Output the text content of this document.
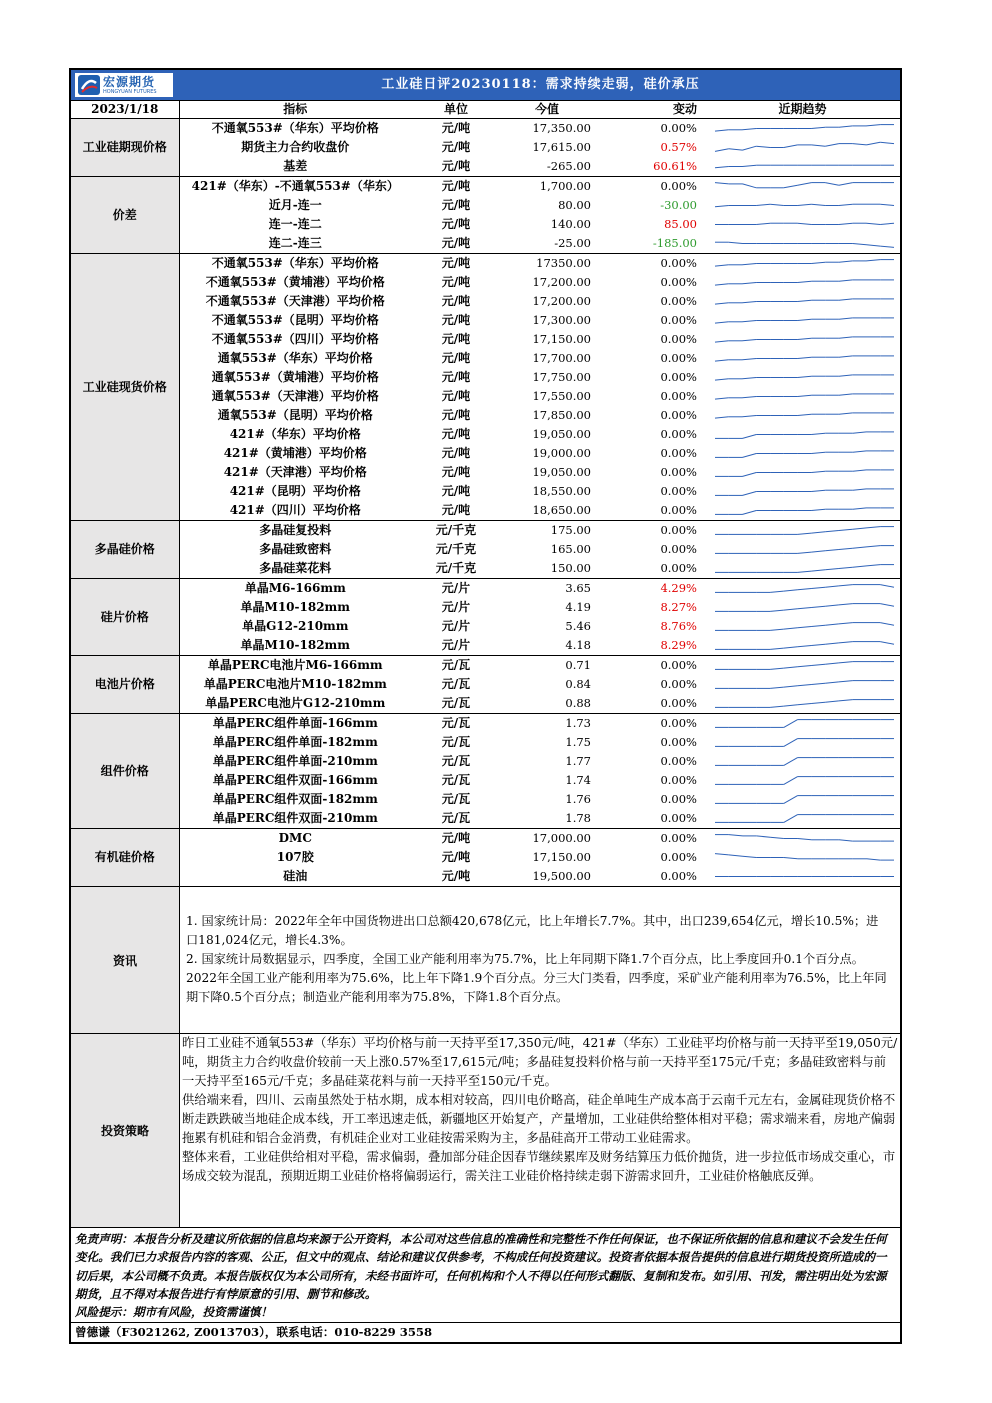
宏源期货
HONGYUAN FUTURES	工业硅日评20230118：需求持续走弱，硅价承压
2023/1/18	指标	单位	今值	变动	近期趋势
工业硅期现价格	不通氧553#（华东）平均价格	元/吨	17,350.00	0.00%	

	期货主力合约收盘价	元/吨	17,615.00	0.57%	

	基差	元/吨	-265.00	60.61%	

价差	421#（华东）-不通氧553#（华东）	元/吨	1,700.00	0.00%	

	近月-连一	元/吨	80.00	-30.00	

	连一-连二	元/吨	140.00	85.00	

	连二-连三	元/吨	-25.00	-185.00	

工业硅现货价格	不通氧553#（华东）平均价格	元/吨	17350.00	0.00%	

	不通氧553#（黄埔港）平均价格	元/吨	17,200.00	0.00%	

	不通氧553#（天津港）平均价格	元/吨	17,200.00	0.00%	

	不通氧553#（昆明）平均价格	元/吨	17,300.00	0.00%	

	不通氧553#（四川）平均价格	元/吨	17,150.00	0.00%	

	通氧553#（华东）平均价格	元/吨	17,700.00	0.00%	

	通氧553#（黄埔港）平均价格	元/吨	17,750.00	0.00%	

	通氧553#（天津港）平均价格	元/吨	17,550.00	0.00%	

	通氧553#（昆明）平均价格	元/吨	17,850.00	0.00%	

	421#（华东）平均价格	元/吨	19,050.00	0.00%	

	421#（黄埔港）平均价格	元/吨	19,000.00	0.00%	

	421#（天津港）平均价格	元/吨	19,050.00	0.00%	

	421#（昆明）平均价格	元/吨	18,550.00	0.00%	

	421#（四川）平均价格	元/吨	18,650.00	0.00%	

多晶硅价格	多晶硅复投料	元/千克	175.00	0.00%	

	多晶硅致密料	元/千克	165.00	0.00%	

	多晶硅菜花料	元/千克	150.00	0.00%	

硅片价格	单晶M6-166mm	元/片	3.65	4.29%	

	单晶M10-182mm	元/片	4.19	8.27%	

	单晶G12-210mm	元/片	5.46	8.76%	

	单晶M10-182mm	元/片	4.18	8.29%	

电池片价格	单晶PERC电池片M6-166mm	元/瓦	0.71	0.00%	

	单晶PERC电池片M10-182mm	元/瓦	0.84	0.00%	

	单晶PERC电池片G12-210mm	元/瓦	0.88	0.00%	

组件价格	单晶PERC组件单面-166mm	元/瓦	1.73	0.00%	

	单晶PERC组件单面-182mm	元/瓦	1.75	0.00%	

	单晶PERC组件单面-210mm	元/瓦	1.77	0.00%	

	单晶PERC组件双面-166mm	元/瓦	1.74	0.00%	

	单晶PERC组件双面-182mm	元/瓦	1.76	0.00%	

	单晶PERC组件双面-210mm	元/瓦	1.78	0.00%	

有机硅价格	DMC	元/吨	17,000.00	0.00%	

	107胶	元/吨	17,150.00	0.00%	

	硅油	元/吨	19,500.00	0.00%	
资讯
1. 国家统计局：2022年全年中国货物进出口总额420,678亿元，比上年增长7.7%。其中，出口239,654亿元，增长10.5%；进口181,024亿元，增长4.3%。
2. 国家统计局数据显示，四季度，全国工业产能利用率为75.7%，比上年同期下降1.7个百分点，比上季度回升0.1个百分点。2022年全国工业产能利用率为75.6%，比上年下降1.9个百分点。分三大门类看，四季度，采矿业产能利用率为76.5%，比上年同期下降0.5个百分点；制造业产能利用率为75.8%，下降1.8个百分点。
投资策略
昨日工业硅不通氧553#（华东）平均价格与前一天持平至17,350元/吨，421#（华东）工业硅平均价格与前一天持平至19,050元/吨，期货主力合约收盘价较前一天上涨0.57%至17,615元/吨；多晶硅复投料价格与前一天持平至175元/千克；多晶硅致密料与前一天持平至165元/千克；多晶硅菜花料与前一天持平至150元/千克。
供给端来看，四川、云南虽然处于枯水期，成本相对较高，四川电价略高，硅企单吨生产成本高于云南千元左右，金属硅现货价格不断走跌跌破当地硅企成本线，开工率迅速走低，新疆地区开始复产，产量增加，工业硅供给整体相对平稳；需求端来看，房地产偏弱拖累有机硅和铝合金消费，有机硅企业对工业硅按需采购为主，多晶硅高开工带动工业硅需求。
整体来看，工业硅供给相对平稳，需求偏弱，叠加部分硅企因春节继续累库及财务结算压力低价抛货，进一步拉低市场成交重心，市场成交较为混乱，预期近期工业硅价格将偏弱运行，需关注工业硅价格持续走弱下游需求回升，工业硅价格触底反弹。
免责声明：本报告分析及建议所依据的信息均来源于公开资料，本公司对这些信息的准确性和完整性不作任何保证，也不保证所依据的信息和建议不会发生任何变化。我们已力求报告内容的客观、公正，但文中的观点、结论和建议仅供参考，不构成任何投资建议。投资者依据本报告提供的信息进行期货投资所造成的一切后果，本公司概不负责。本报告版权仅为本公司所有，未经书面许可，任何机构和个人不得以任何形式翻版、复制和发布。如引用、刊发，需注明出处为宏源期货，且不得对本报告进行有悖原意的引用、删节和修改。
风险提示：期市有风险，投资需谨慎！
曾德谦（F3021262, Z0013703），联系电话：010-8229 3558
